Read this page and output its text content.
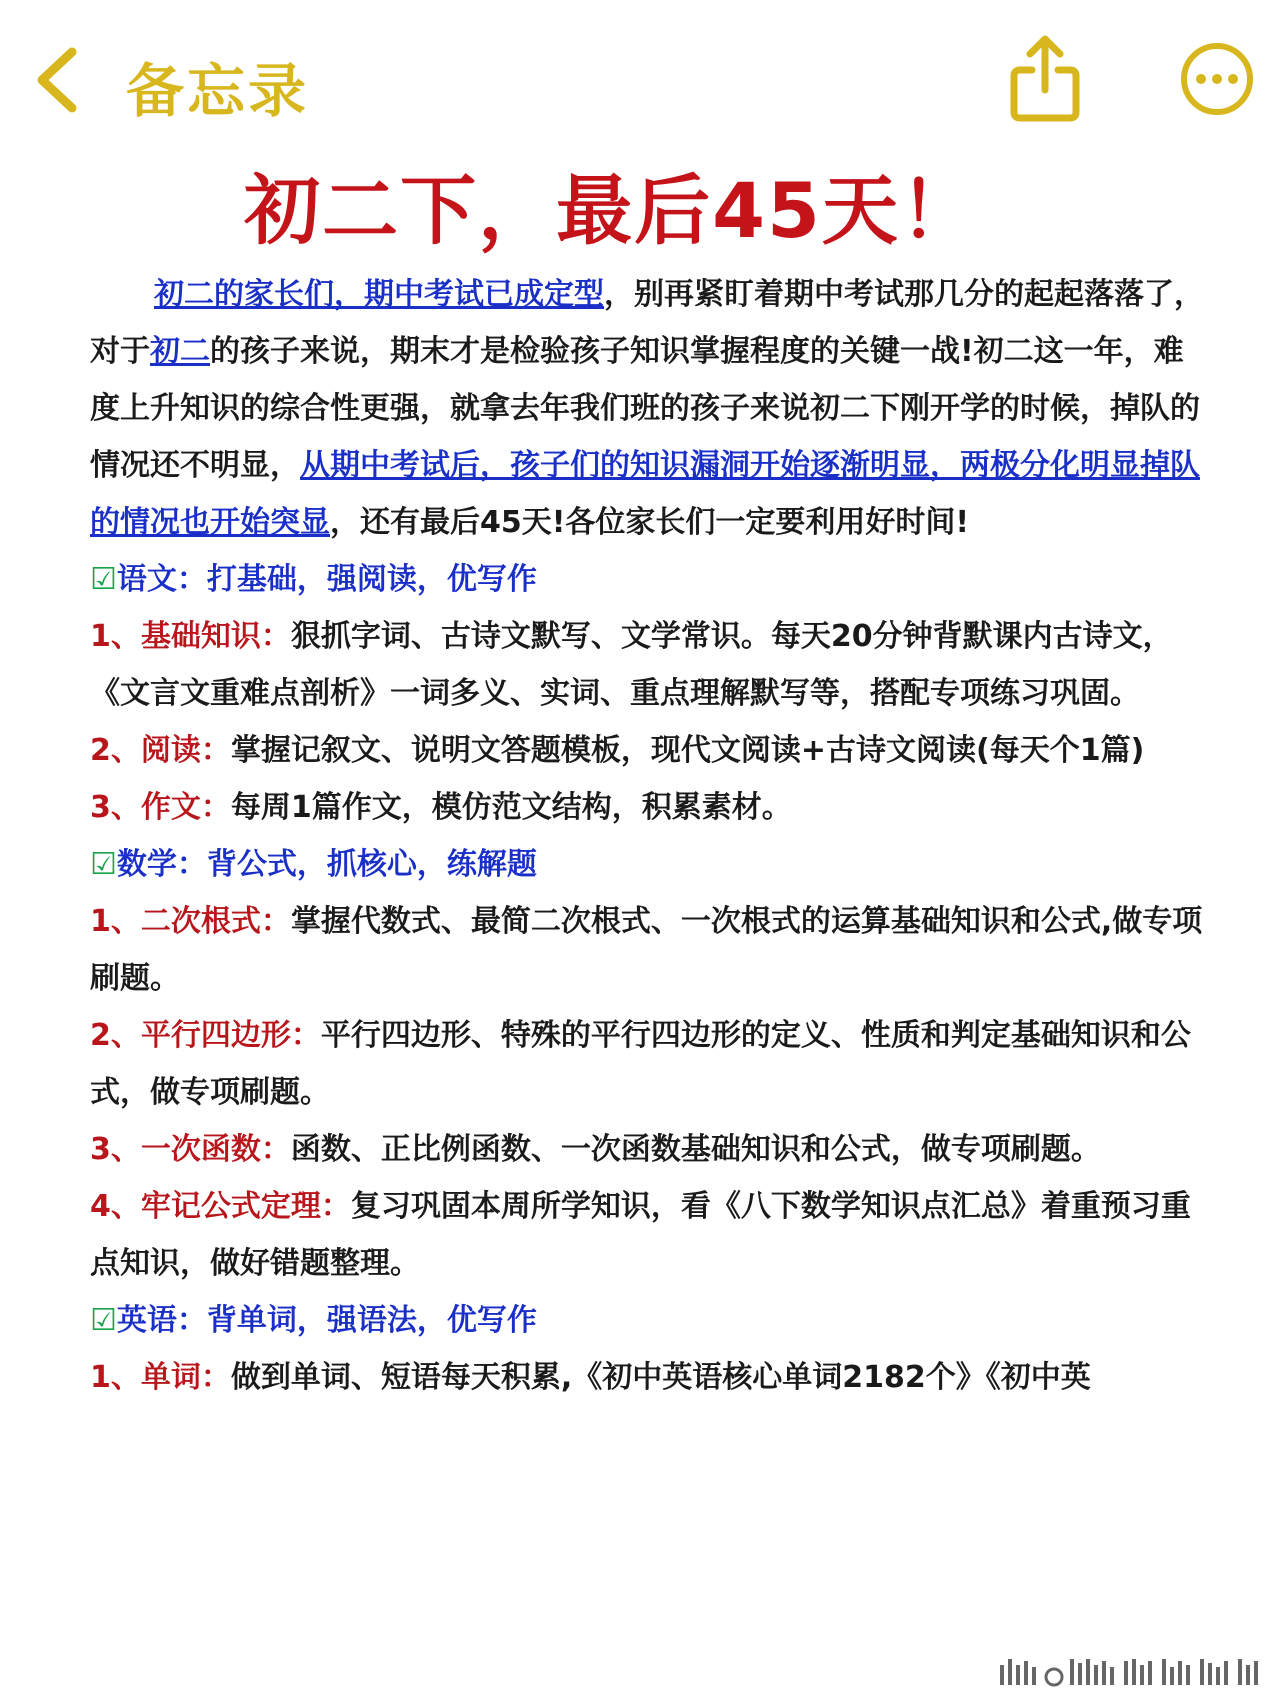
备忘录
初二下，最后45天！

初二的家长们，期中考试已成定型，别再紧盯着期中考试那几分的起起落落了，对于初二的孩子来说，期末才是检验孩子知识掌握程度的关键一战!初二这一年，难度上升知识的综合性更强，就拿去年我们班的孩子来说初二下刚开学的时候，掉队的情况还不明显，从期中考试后，孩子们的知识漏洞开始逐渐明显，两极分化明显掉队的情况也开始突显，还有最后45天!各位家长们一定要利用好时间!

☑语文：打基础，强阅读，优写作

1、基础知识：狠抓字词、古诗文默写、文学常识。每天20分钟背默课内古诗文，《文言文重难点剖析》一词多义、实词、重点理解默写等，搭配专项练习巩固。

2、阅读：掌握记叙文、说明文答题模板，现代文阅读+古诗文阅读(每天个1篇)

3、作文：每周1篇作文，模仿范文结构，积累素材。

☑数学：背公式，抓核心，练解题

1、二次根式：掌握代数式、最简二次根式、一次根式的运算基础知识和公式,做专项刷题。

2、平行四边形：平行四边形、特殊的平行四边形的定义、性质和判定基础知识和公式，做专项刷题。

3、一次函数：函数、正比例函数、一次函数基础知识和公式，做专项刷题。

4、牢记公式定理：复习巩固本周所学知识，看《八下数学知识点汇总》着重预习重点知识，做好错题整理。

☑英语：背单词，强语法，优写作

1、单词：做到单词、短语每天积累,《初中英语核心单词2182个》《初中英
